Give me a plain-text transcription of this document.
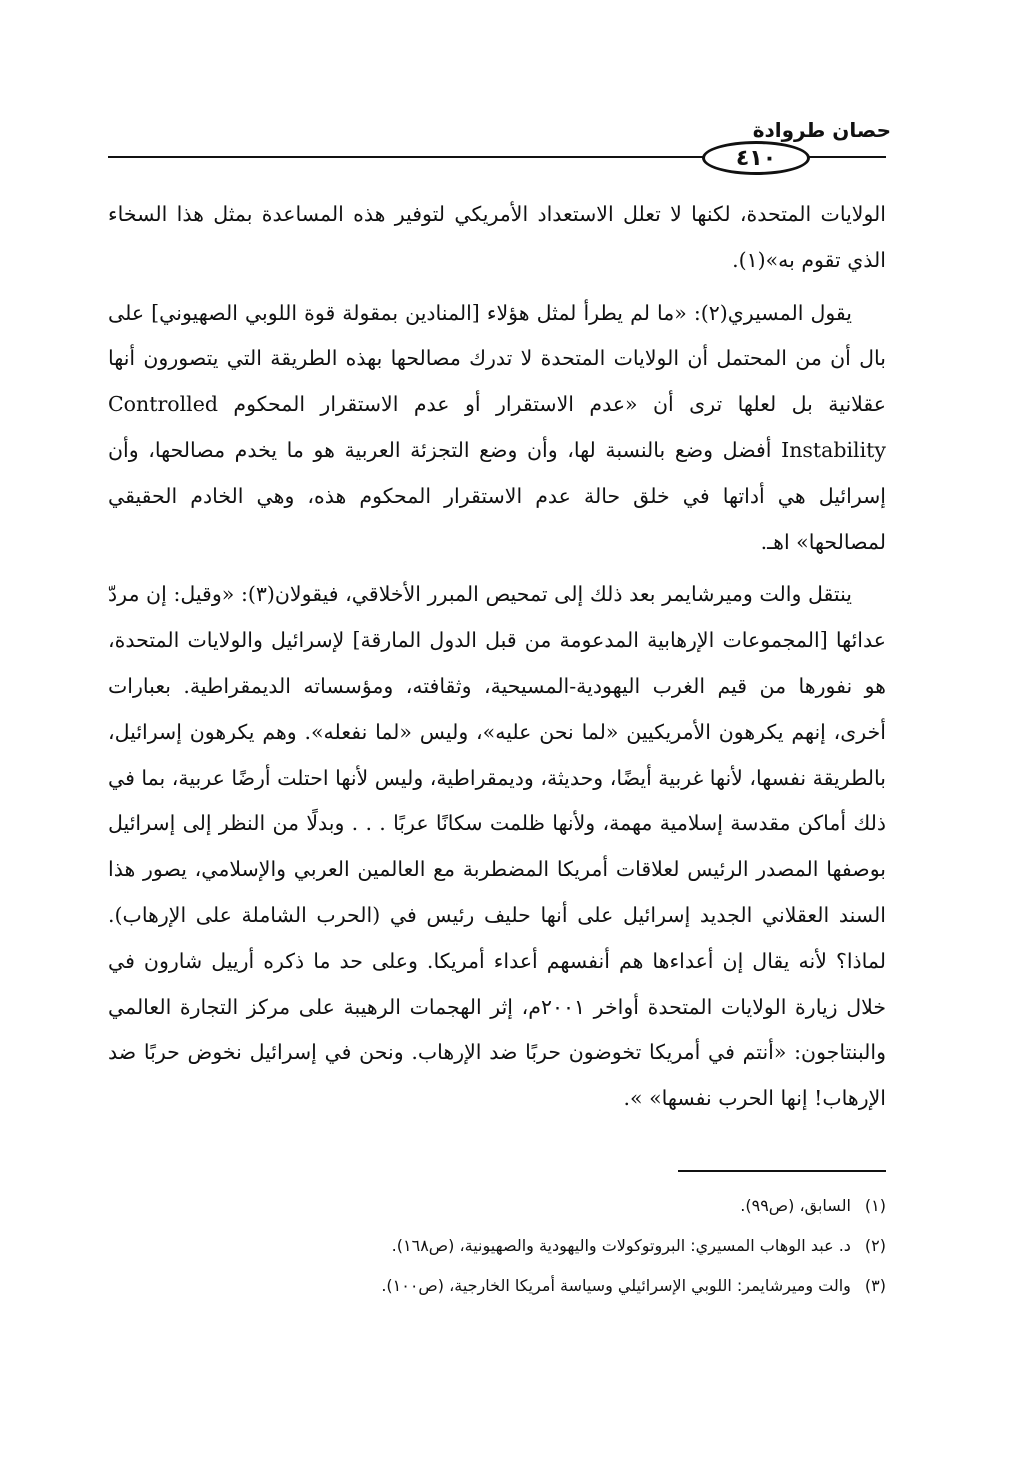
حصان طروادة
٤١٠

الولايات المتحدة، لكنها لا تعلل الاستعداد الأمريكي لتوفير هذه المساعدة بمثل هذا السخاء الذي تقوم به»(١).

يقول المسيري(٢): «ما لم يطرأ لمثل هؤلاء [المنادين بمقولة قوة اللوبي الصهيوني] على بال أن من المحتمل أن الولايات المتحدة لا تدرك مصالحها بهذه الطريقة التي يتصورون أنها عقلانية بل لعلها ترى أن «عدم الاستقرار أو عدم الاستقرار المحكوم Controlled Instability أفضل وضع بالنسبة لها، وأن وضع التجزئة العربية هو ما يخدم مصالحها، وأن إسرائيل هي أداتها في خلق حالة عدم الاستقرار المحكوم هذه، وهي الخادم الحقيقي لمصالحها» اهـ.

ينتقل والت وميرشايمر بعد ذلك إلى تمحيص المبرر الأخلاقي، فيقولان(٣): «وقيل: إن مردّ عدائها [المجموعات الإرهابية المدعومة من قبل الدول المارقة] لإسرائيل والولايات المتحدة، هو نفورها من قيم الغرب اليهودية-المسيحية، وثقافته، ومؤسساته الديمقراطية. بعبارات أخرى، إنهم يكرهون الأمريكيين «لما نحن عليه»، وليس «لما نفعله». وهم يكرهون إسرائيل، بالطريقة نفسها، لأنها غربية أيضًا، وحديثة، وديمقراطية، وليس لأنها احتلت أرضًا عربية، بما في ذلك أماكن مقدسة إسلامية مهمة، ولأنها ظلمت سكانًا عربًا . . . وبدلًا من النظر إلى إسرائيل بوصفها المصدر الرئيس لعلاقات أمريكا المضطربة مع العالمين العربي والإسلامي، يصور هذا السند العقلاني الجديد إسرائيل على أنها حليف رئيس في (الحرب الشاملة على الإرهاب). لماذا؟ لأنه يقال إن أعداءها هم أنفسهم أعداء أمريكا. وعلى حد ما ذكره أرييل شارون في خلال زيارة الولايات المتحدة أواخر ٢٠٠١م، إثر الهجمات الرهيبة على مركز التجارة العالمي والبنتاجون: «أنتم في أمريكا تخوضون حربًا ضد الإرهاب. ونحن في إسرائيل نخوض حربًا ضد الإرهاب! إنها الحرب نفسها» ».

(١)السابق، (ص٩٩).
(٢)د. عبد الوهاب المسيري: البروتوكولات واليهودية والصهيونية، (ص١٦٨).
(٣)والت وميرشايمر: اللوبي الإسرائيلي وسياسة أمريكا الخارجية، (ص١٠٠).
